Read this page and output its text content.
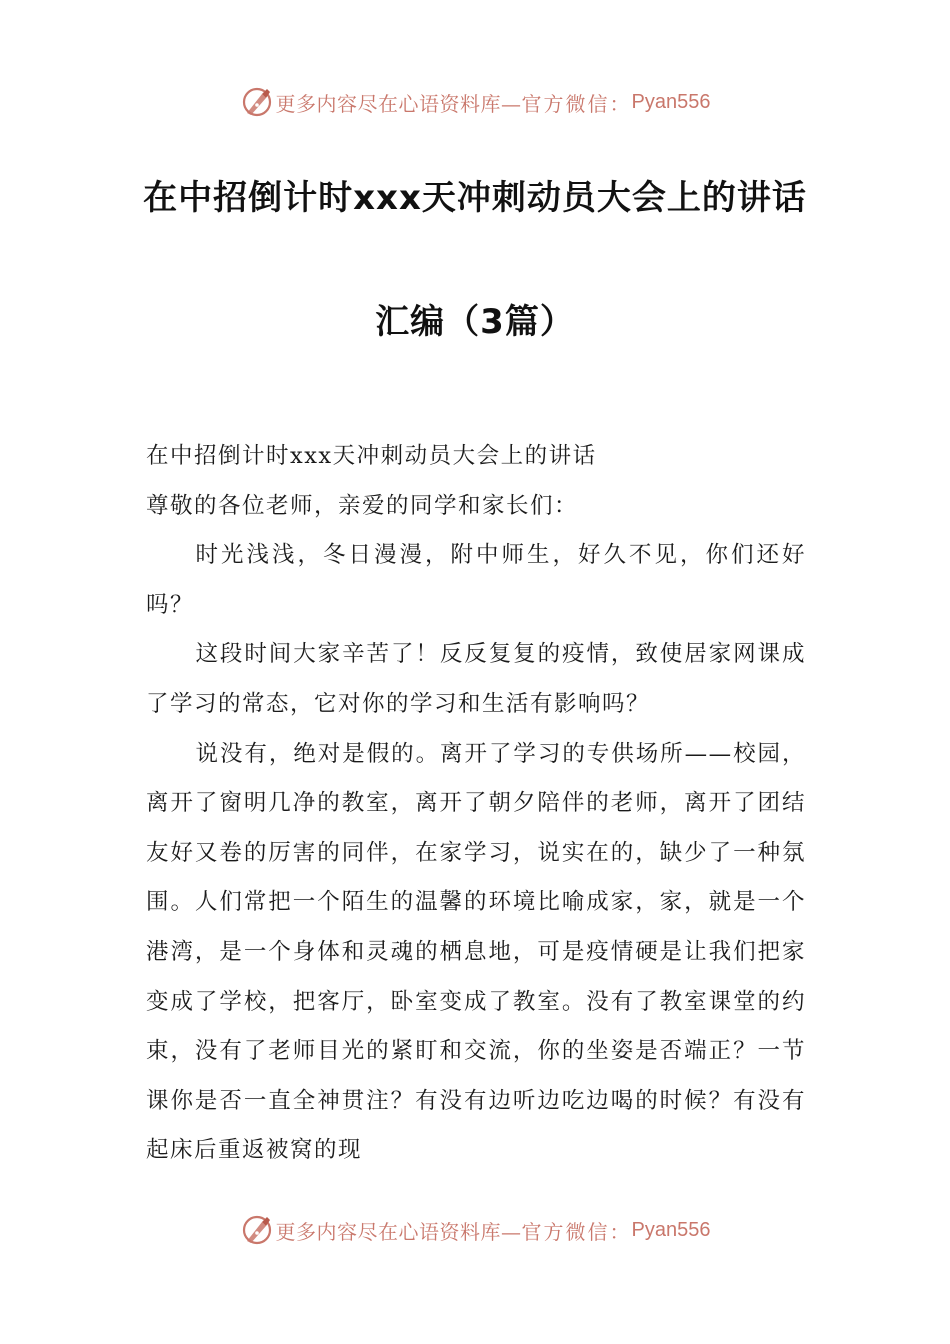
更多内容尽在心语资料库— 官方微信： Pyan556
在中招倒计时xxx天冲刺动员大会上的讲话
汇编（3篇）

在中招倒计时xxx天冲刺动员大会上的讲话

尊敬的各位老师，亲爱的同学和家长们：

时光浅浅，冬日漫漫，附中师生，好久不见，你们还好吗？

这段时间大家辛苦了！反反复复的疫情，致使居家网课成了学习的常态，它对你的学习和生活有影响吗？

说没有，绝对是假的。离开了学习的专供场所——校园，离开了窗明几净的教室，离开了朝夕陪伴的老师，离开了团结友好又卷的厉害的同伴，在家学习，说实在的，缺少了一种氛围。人们常把一个陌生的温馨的环境比喻成家，家，就是一个港湾，是一个身体和灵魂的栖息地，可是疫情硬是让我们把家变成了学校，把客厅，卧室变成了教室。没有了教室课堂的约束，没有了老师目光的紧盯和交流，你的坐姿是否端正？一节课你是否一直全神贯注？有没有边听边吃边喝的时候？有没有起床后重返被窝的现

更多内容尽在心语资料库— 官方微信： Pyan556
